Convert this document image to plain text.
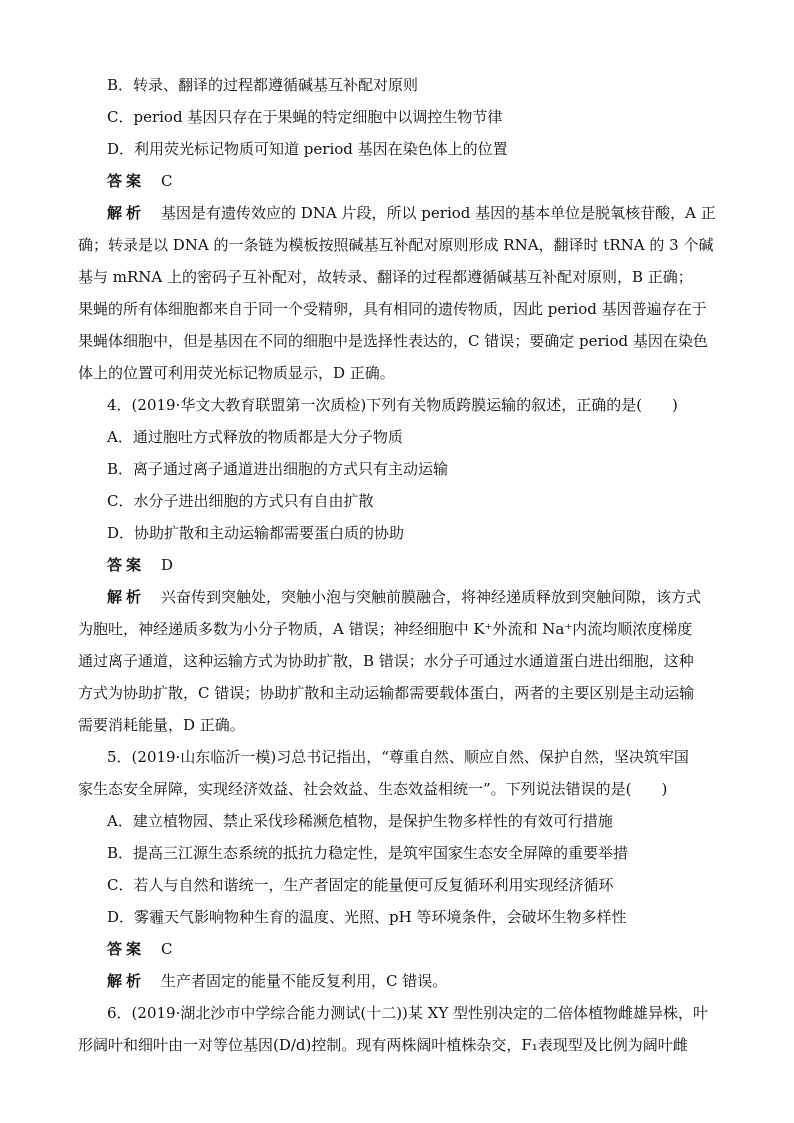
B．转录、翻译的过程都遵循碱基互补配对原则
C．period 基因只存在于果蝇的特定细胞中以调控生物节律
D．利用荧光标记物质可知道 period 基因在染色体上的位置
答案 C
解析 基因是有遗传效应的 DNA 片段，所以 period 基因的基本单位是脱氧核苷酸，A 正
确；转录是以 DNA 的一条链为模板按照碱基互补配对原则形成 RNA，翻译时 tRNA 的 3 个碱
基与 mRNA 上的密码子互补配对，故转录、翻译的过程都遵循碱基互补配对原则，B 正确；
果蝇的所有体细胞都来自于同一个受精卵，具有相同的遗传物质，因此 period 基因普遍存在于
果蝇体细胞中，但是基因在不同的细胞中是选择性表达的，C 错误；要确定 period 基因在染色
体上的位置可利用荧光标记物质显示，D 正确。
4．(2019·华文大教育联盟第一次质检)下列有关物质跨膜运输的叙述，正确的是(　　)
A．通过胞吐方式释放的物质都是大分子物质
B．离子通过离子通道进出细胞的方式只有主动运输
C．水分子进出细胞的方式只有自由扩散
D．协助扩散和主动运输都需要蛋白质的协助
答案 D
解析 兴奋传到突触处，突触小泡与突触前膜融合，将神经递质释放到突触间隙，该方式
为胞吐，神经递质多数为小分子物质，A 错误；神经细胞中 K⁺外流和 Na⁺内流均顺浓度梯度
通过离子通道，这种运输方式为协助扩散，B 错误；水分子可通过水通道蛋白进出细胞，这种
方式为协助扩散，C 错误；协助扩散和主动运输都需要载体蛋白，两者的主要区别是主动运输
需要消耗能量，D 正确。
5．(2019·山东临沂一模)习总书记指出，“尊重自然、顺应自然、保护自然，坚决筑牢国
家生态安全屏障，实现经济效益、社会效益、生态效益相统一”。下列说法错误的是(　　)
A．建立植物园、禁止采伐珍稀濒危植物，是保护生物多样性的有效可行措施
B．提高三江源生态系统的抵抗力稳定性，是筑牢国家生态安全屏障的重要举措
C．若人与自然和谐统一，生产者固定的能量便可反复循环利用实现经济循环
D．雾霾天气影响物种生育的温度、光照、pH 等环境条件，会破坏生物多样性
答案 C
解析 生产者固定的能量不能反复利用，C 错误。
6．(2019·湖北沙市中学综合能力测试(十二))某 XY 型性别决定的二倍体植物雌雄异株，叶
形阔叶和细叶由一对等位基因(D/d)控制。现有两株阔叶植株杂交，F₁表现型及比例为阔叶雌
